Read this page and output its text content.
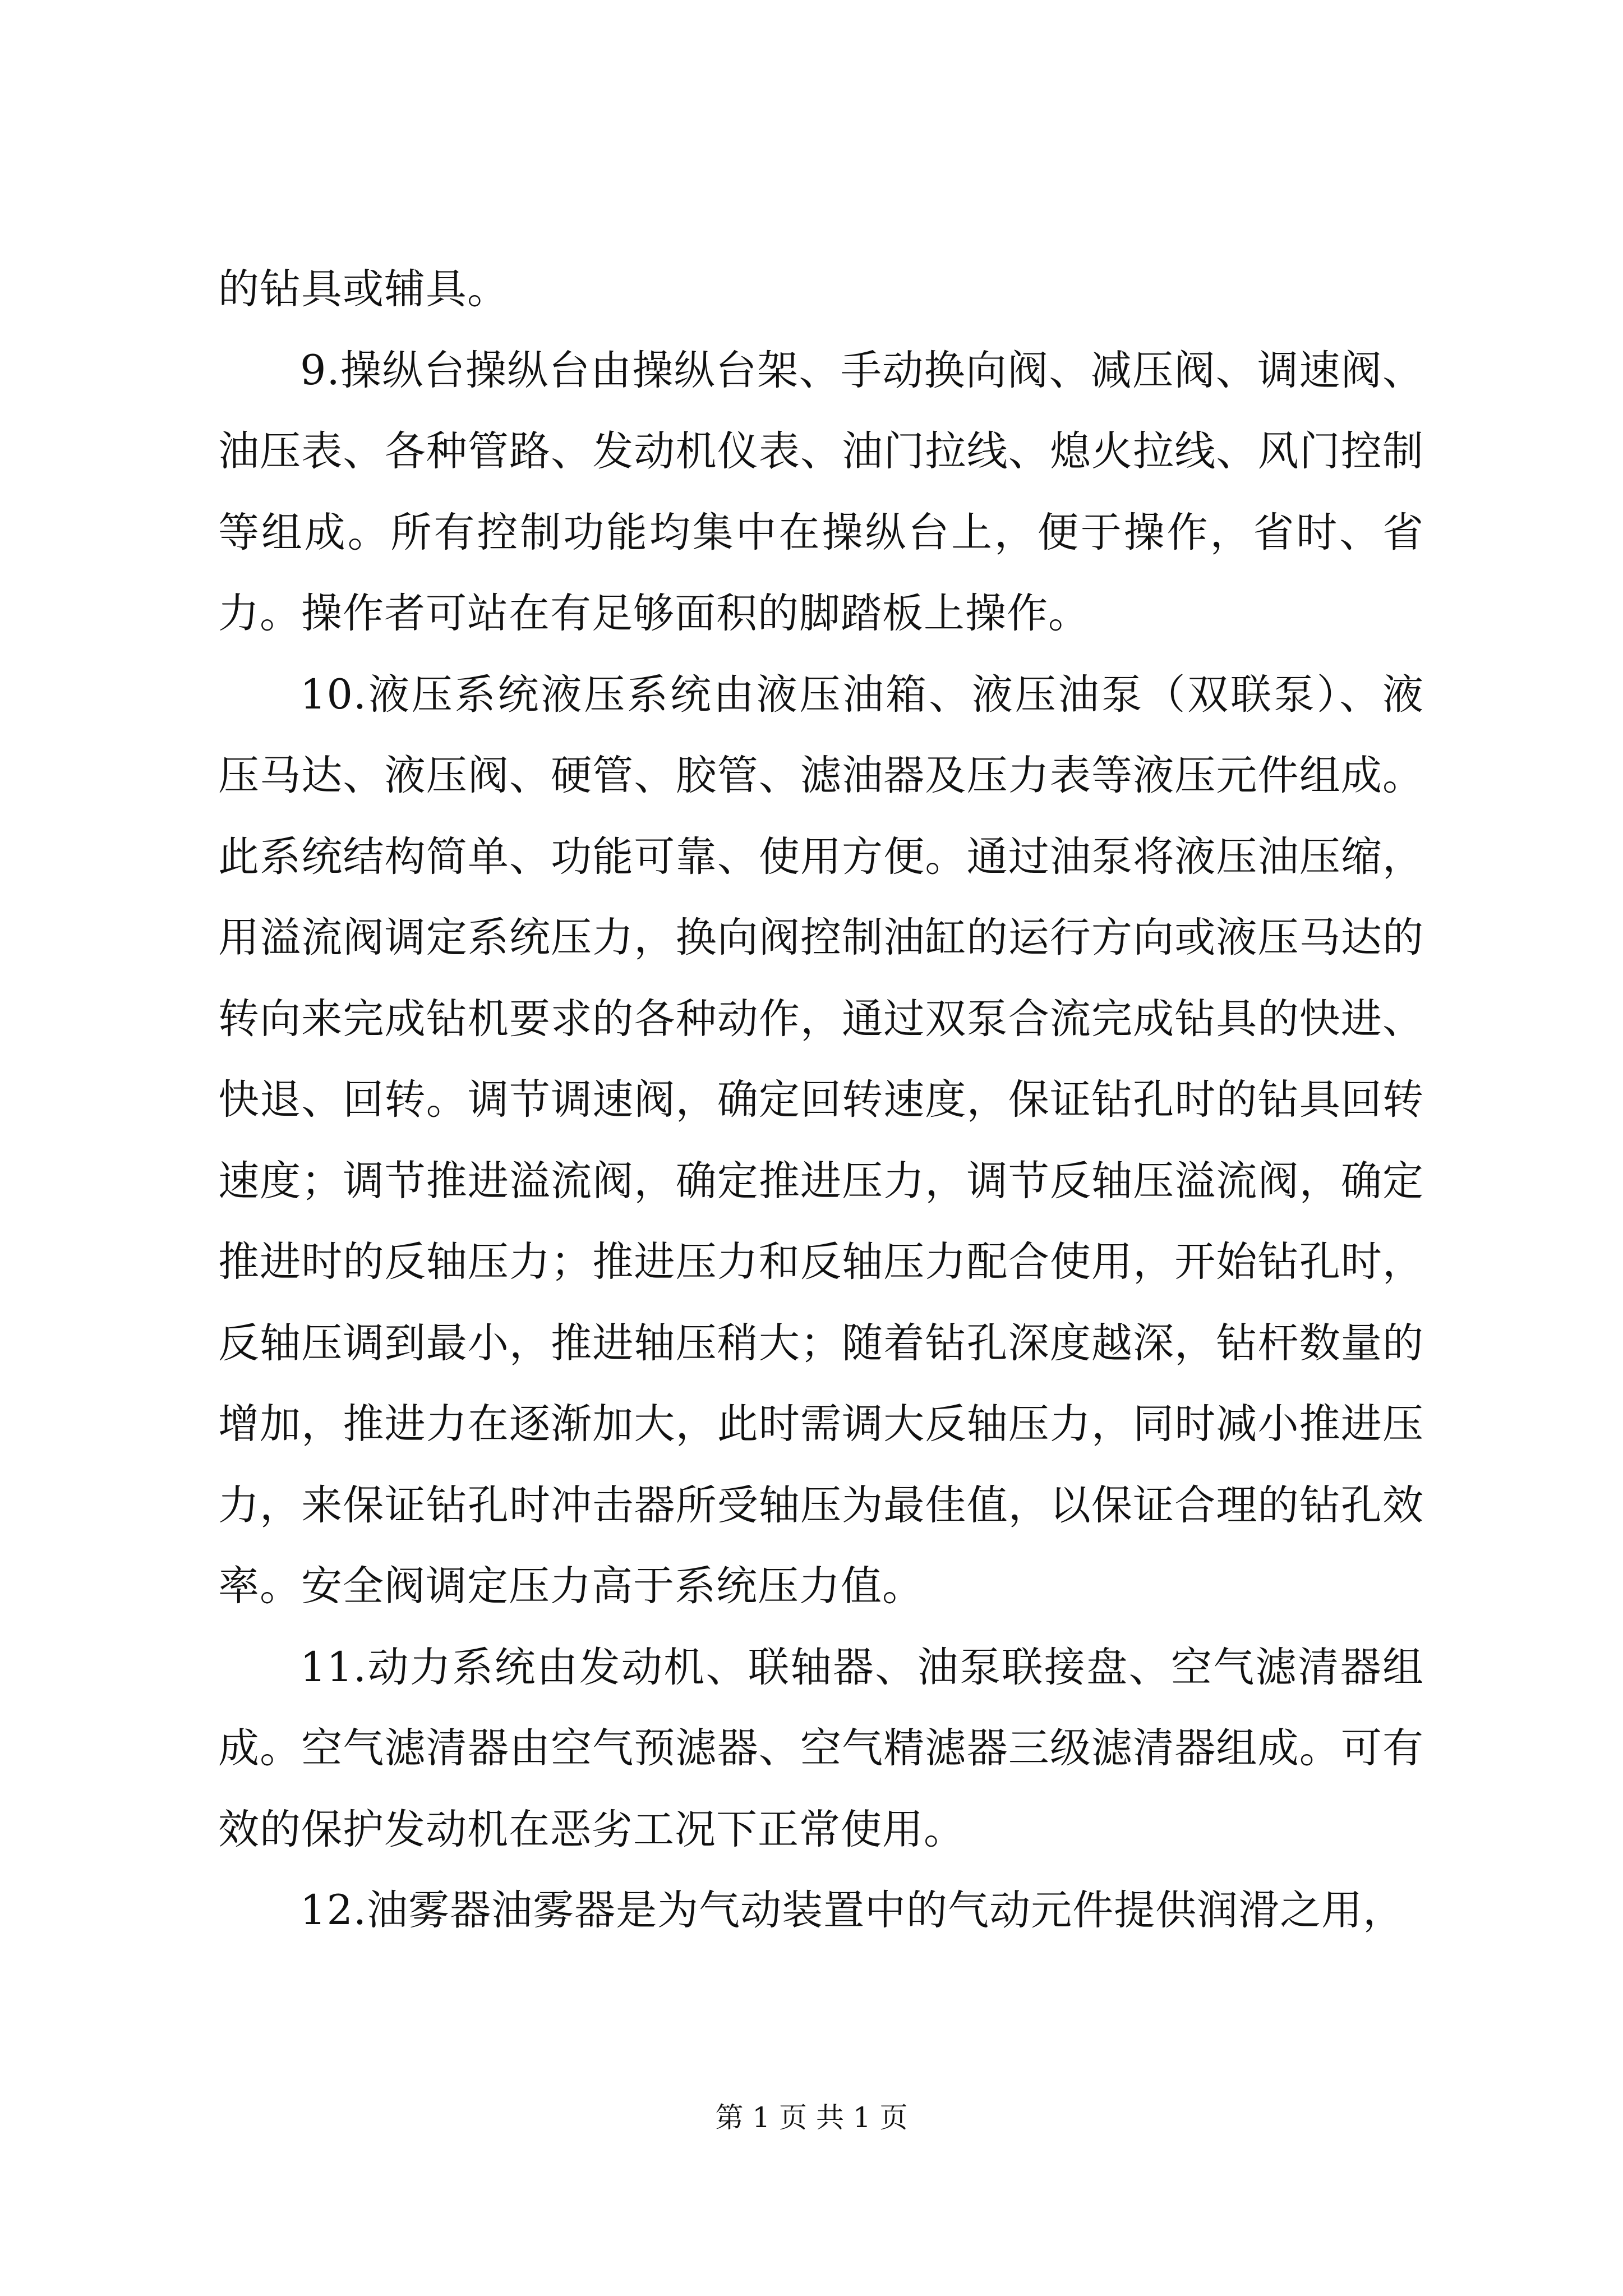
的钻具或辅具。

9.操纵台操纵台由操纵台架、手动换向阀、减压阀、调速阀、油压表、各种管路、发动机仪表、油门拉线、熄火拉线、风门控制等组成。所有控制功能均集中在操纵台上，便于操作，省时、省力。操作者可站在有足够面积的脚踏板上操作。

10.液压系统液压系统由液压油箱、液压油泵（双联泵）、液压马达、液压阀、硬管、胶管、滤油器及压力表等液压元件组成。此系统结构简单、功能可靠、使用方便。通过油泵将液压油压缩，用溢流阀调定系统压力，换向阀控制油缸的运行方向或液压马达的转向来完成钻机要求的各种动作，通过双泵合流完成钻具的快进、快退、回转。调节调速阀，确定回转速度，保证钻孔时的钻具回转速度；调节推进溢流阀，确定推进压力，调节反轴压溢流阀，确定推进时的反轴压力；推进压力和反轴压力配合使用，开始钻孔时，反轴压调到最小，推进轴压稍大；随着钻孔深度越深，钻杆数量的增加，推进力在逐渐加大，此时需调大反轴压力，同时减小推进压力，来保证钻孔时冲击器所受轴压为最佳值，以保证合理的钻孔效率。安全阀调定压力高于系统压力值。

11.动力系统由发动机、联轴器、油泵联接盘、空气滤清器组成。空气滤清器由空气预滤器、空气精滤器三级滤清器组成。可有效的保护发动机在恶劣工况下正常使用。

12.油雾器油雾器是为气动装置中的气动元件提供润滑之用，

第 1 页 共 1 页
